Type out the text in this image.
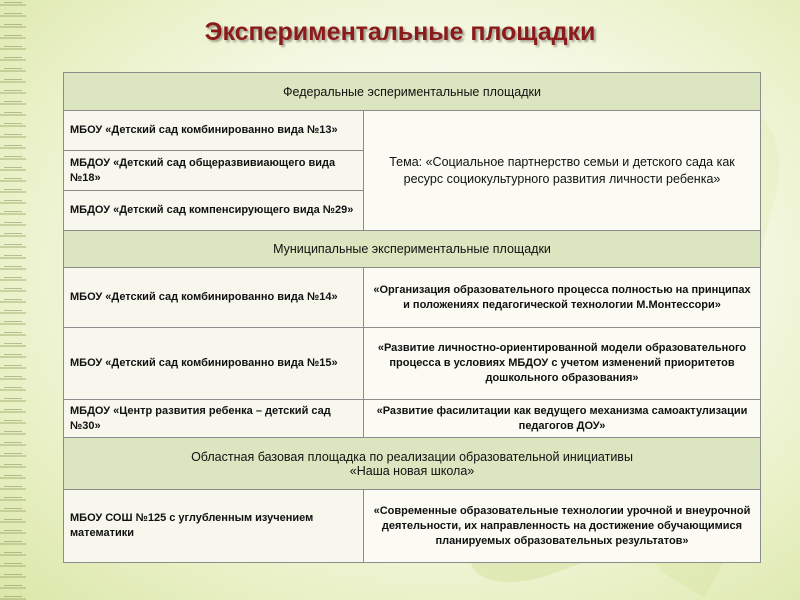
Экспериментальные площадки
Федеральные эспериментальные площадки	
МБОУ «Детский сад комбинированно вида №13»	Тема: «Социальное партнерство семьи и детского сада как ресурс социокультурного развития личности ребенка»
МБДОУ «Детский сад общеразвивиающего вида №18»	
МБДОУ «Детский сад компенсирующего вида №29»	
Муниципальные экспериментальные площадки	
МБОУ «Детский сад комбинированно вида №14»	«Организация образовательного процесса полностью на принципах и положениях педагогической технологии М.Монтессори»
МБОУ «Детский сад комбинированно вида №15»	«Развитие личностно-ориентированной модели образовательного процесса в условиях МБДОУ с учетом изменений приоритетов дошкольного образования»
МБДОУ «Центр развития ребенка – детский сад №30»	«Развитие фасилитации как ведущего механизма самоактулизации педагогов ДОУ»

Областная базовая площадка по реализации образовательной инициативы
«Наша новая школа»	

МБОУ СОШ №125 с углубленным изучением математики	«Современные образовательные технологии урочной и внеурочной деятельности, их направленность на достижение обучающимися планируемых образовательных результатов»
